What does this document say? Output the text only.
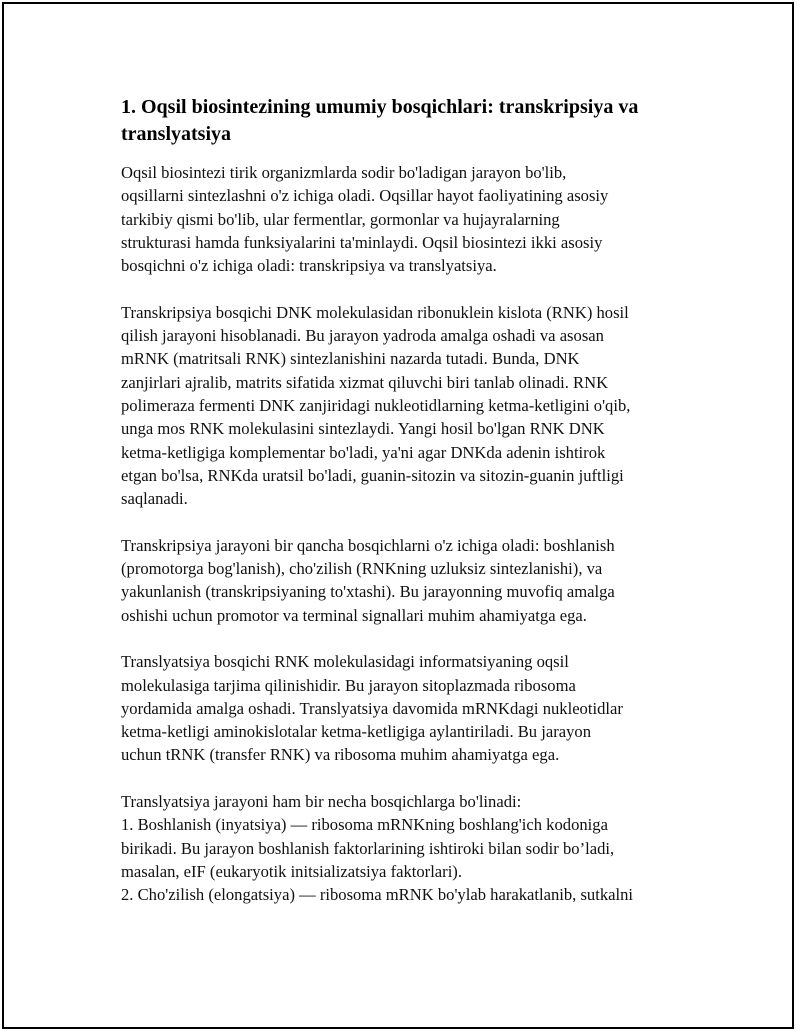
1. Oqsil biosintezining umumiy bosqichlari: transkripsiya va
translyatsiya

Oqsil biosintezi tirik organizmlarda sodir bo'ladigan jarayon bo'lib,
oqsillarni sintezlashni o'z ichiga oladi. Oqsillar hayot faoliyatining asosiy
tarkibiy qismi bo'lib, ular fermentlar, gormonlar va hujayralarning
strukturasi hamda funksiyalarini ta'minlaydi. Oqsil biosintezi ikki asosiy
bosqichni o'z ichiga oladi: transkripsiya va translyatsiya.

Transkripsiya bosqichi DNK molekulasidan ribonuklein kislota (RNK) hosil
qilish jarayoni hisoblanadi. Bu jarayon yadroda amalga oshadi va asosan
mRNK (matritsali RNK) sintezlanishini nazarda tutadi. Bunda, DNK
zanjirlari ajralib, matrits sifatida xizmat qiluvchi biri tanlab olinadi. RNK
polimeraza fermenti DNK zanjiridagi nukleotidlarning ketma-ketligini o'qib,
unga mos RNK molekulasini sintezlaydi. Yangi hosil bo'lgan RNK DNK
ketma-ketligiga komplementar bo'ladi, ya'ni agar DNKda adenin ishtirok
etgan bo'lsa, RNKda uratsil bo'ladi, guanin-sitozin va sitozin-guanin juftligi
saqlanadi.

Transkripsiya jarayoni bir qancha bosqichlarni o'z ichiga oladi: boshlanish
(promotorga bog'lanish), cho'zilish (RNKning uzluksiz sintezlanishi), va
yakunlanish (transkripsiyaning to'xtashi). Bu jarayonning muvofiq amalga
oshishi uchun promotor va terminal signallari muhim ahamiyatga ega.

Translyatsiya bosqichi RNK molekulasidagi informatsiyaning oqsil
molekulasiga tarjima qilinishidir. Bu jarayon sitoplazmada ribosoma
yordamida amalga oshadi. Translyatsiya davomida mRNKdagi nukleotidlar
ketma-ketligi aminokislotalar ketma-ketligiga aylantiriladi. Bu jarayon
uchun tRNK (transfer RNK) va ribosoma muhim ahamiyatga ega.

Translyatsiya jarayoni ham bir necha bosqichlarga bo'linadi:
1. Boshlanish (inyatsiya) — ribosoma mRNKning boshlang'ich kodoniga
birikadi. Bu jarayon boshlanish faktorlarining ishtiroki bilan sodir bo’ladi,
masalan, eIF (eukaryotik initsializatsiya faktorlari).
2. Cho'zilish (elongatsiya) — ribosoma mRNK bo'ylab harakatlanib, sutkalni
